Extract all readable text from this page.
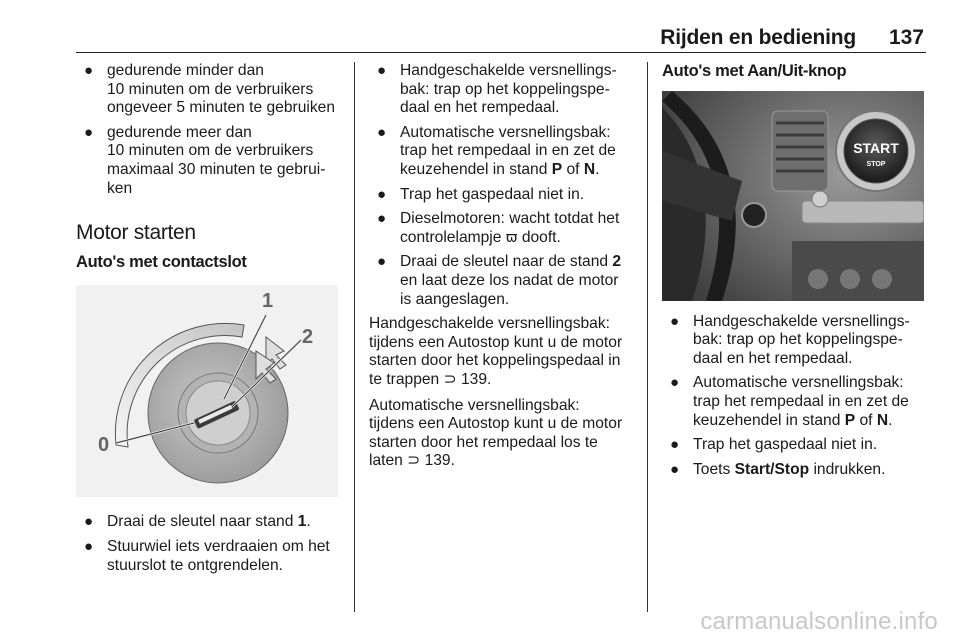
Rijden en bediening 137
● gedurende minder dan
10 minuten om de verbruikers
ongeveer 5 minuten te gebruiken
● gedurende meer dan
10 minuten om de verbruikers
maximaal 30 minuten te gebrui-
ken
Motor starten
Auto's met contactslot
1
2
0
● Draai de sleutel naar stand 1.
● Stuurwiel iets verdraaien om het
stuurslot te ontgrendelen.
● Handgeschakelde versnellings-
bak: trap op het koppelingspe-
daal en het rempedaal.
● Automatische versnellingsbak:
trap het rempedaal in en zet de
keuzehendel in stand P of N.
● Trap het gaspedaal niet in.
● Dieselmotoren: wacht totdat het
controlelampje ϖ dooft.
● Draai de sleutel naar de stand 2
en laat deze los nadat de motor
is aangeslagen.

Handgeschakelde versnellingsbak:
tijdens een Autostop kunt u de motor
starten door het koppelingspedaal in
te trappen ⊃ 139.

Automatische versnellingsbak:
tijdens een Autostop kunt u de motor
starten door het rempedaal los te
laten ⊃ 139.

Auto's met Aan/Uit-knop
START
STOP
● Handgeschakelde versnellings-
bak: trap op het koppelingspe-
daal en het rempedaal.
● Automatische versnellingsbak:
trap het rempedaal in en zet de
keuzehendel in stand P of N.
● Trap het gaspedaal niet in.
● Toets Start/Stop indrukken.
carmanualsonline.info
